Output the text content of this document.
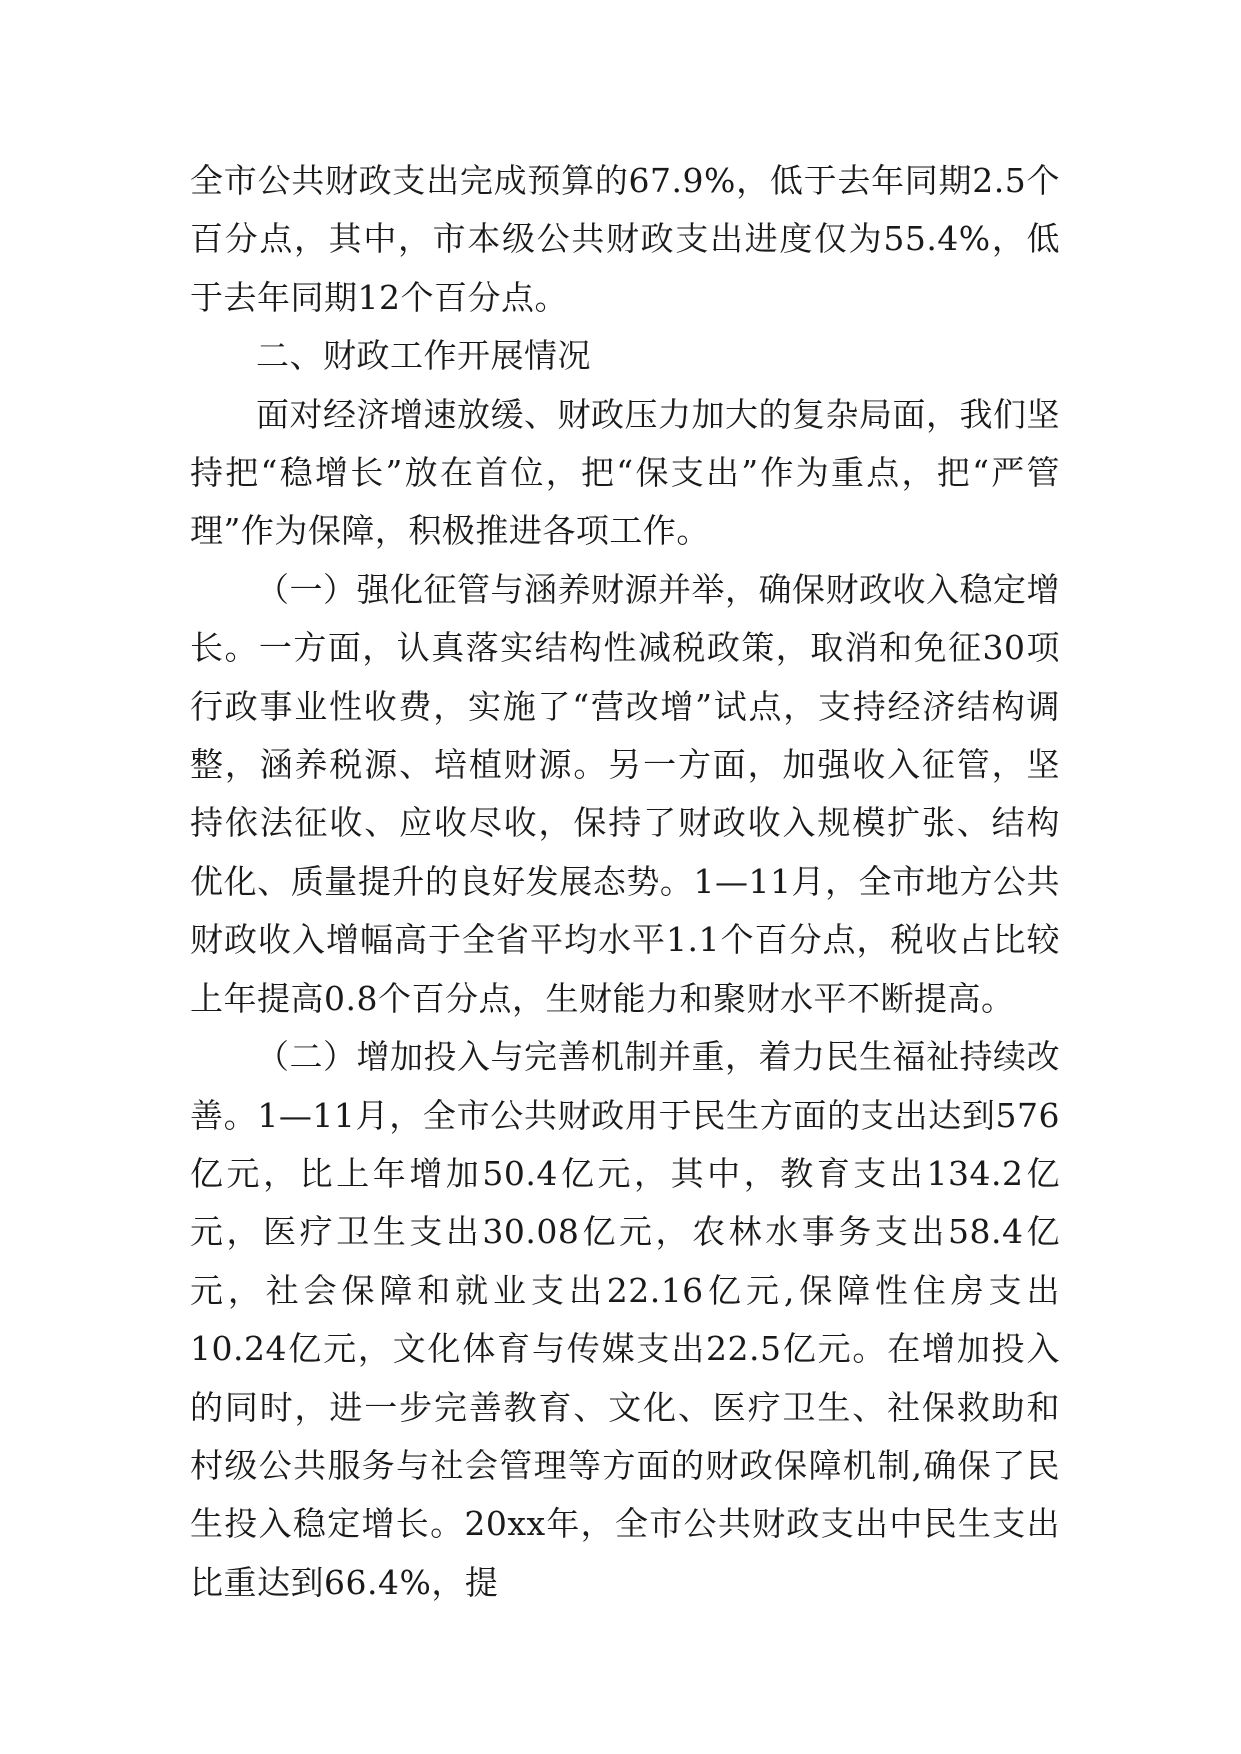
全市公共财政支出完成预算的67.9%，低于去年同期2.5个百分点，其中，市本级公共财政支出进度仅为55.4%，低于去年同期12个百分点。

二、财政工作开展情况

面对经济增速放缓、财政压力加大的复杂局面，我们坚持把“稳增长”放在首位，把“保支出”作为重点，把“严管理”作为保障，积极推进各项工作。

（一）强化征管与涵养财源并举，确保财政收入稳定增长。一方面，认真落实结构性减税政策，取消和免征30项行政事业性收费，实施了“营改增”试点，支持经济结构调整，涵养税源、培植财源。另一方面，加强收入征管，坚持依法征收、应收尽收，保持了财政收入规模扩张、结构优化、质量提升的良好发展态势。1—11月，全市地方公共财政收入增幅高于全省平均水平1.1个百分点，税收占比较上年提高0.8个百分点，生财能力和聚财水平不断提高。

（二）增加投入与完善机制并重，着力民生福祉持续改善。1—11月，全市公共财政用于民生方面的支出达到576亿元，比上年增加50.4亿元，其中，教育支出134.2亿元，医疗卫生支出30.08亿元，农林水事务支出58.4亿元，社会保障和就业支出22.16亿元,保障性住房支出10.24亿元，文化体育与传媒支出22.5亿元。在增加投入的同时，进一步完善教育、文化、医疗卫生、社保救助和村级公共服务与社会管理等方面的财政保障机制,确保了民生投入稳定增长。20xx年，全市公共财政支出中民生支出比重达到66.4%，提
